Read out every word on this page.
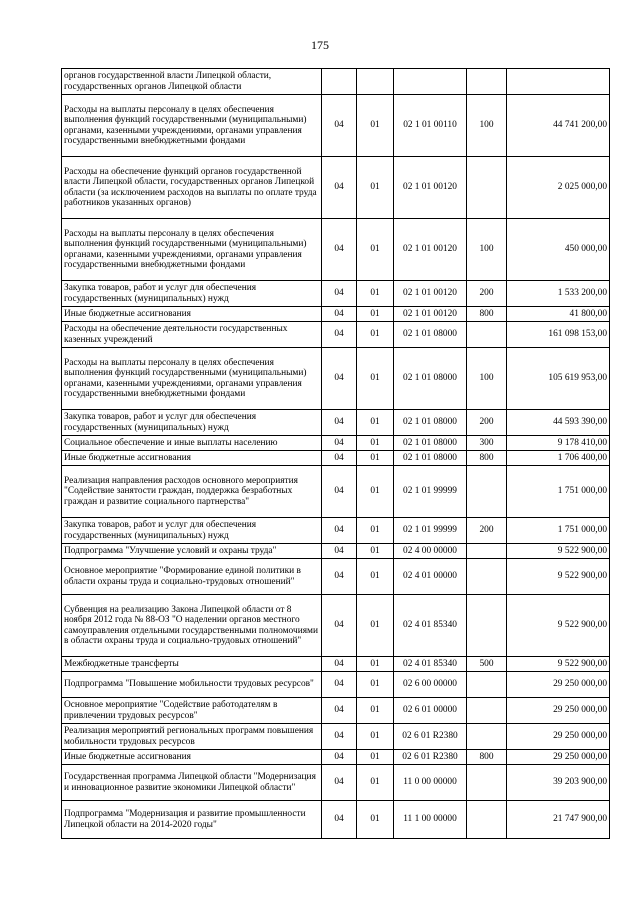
175
органов государственной власти Липецкой области, государственных органов Липецкой области					
Расходы на выплаты персоналу в целях обеспечения выполнения функций государственными (муниципальными) органами, казенными учреждениями, органами управления государственными внебюджетными фондами	04	01	02 1 01 00110	100	44 741 200,00
Расходы на обеспечение функций органов государственной власти Липецкой области, государственных органов Липецкой области (за исключением расходов на выплаты по оплате труда работников указанных органов)	04	01	02 1 01 00120		2 025 000,00
Расходы на выплаты персоналу в целях обеспечения выполнения функций государственными (муниципальными) органами, казенными учреждениями, органами управления государственными внебюджетными фондами	04	01	02 1 01 00120	100	450 000,00
Закупка товаров, работ и услуг для обеспечения государственных (муниципальных) нужд	04	01	02 1 01 00120	200	1 533 200,00
Иные бюджетные ассигнования	04	01	02 1 01 00120	800	41 800,00
Расходы на обеспечение деятельности государственных казенных учреждений	04	01	02 1 01 08000		161 098 153,00
Расходы на выплаты персоналу в целях обеспечения выполнения функций государственными (муниципальными) органами, казенными учреждениями, органами управления государственными внебюджетными фондами	04	01	02 1 01 08000	100	105 619 953,00
Закупка товаров, работ и услуг для обеспечения государственных (муниципальных) нужд	04	01	02 1 01 08000	200	44 593 390,00
Социальное обеспечение и иные выплаты населению	04	01	02 1 01 08000	300	9 178 410,00
Иные бюджетные ассигнования	04	01	02 1 01 08000	800	1 706 400,00
Реализация направления расходов основного мероприятия "Содействие занятости граждан, поддержка безработных граждан и развитие социального партнерства"	04	01	02 1 01 99999		1 751 000,00
Закупка товаров, работ и услуг для обеспечения государственных (муниципальных) нужд	04	01	02 1 01 99999	200	1 751 000,00
Подпрограмма "Улучшение условий и охраны труда"	04	01	02 4 00 00000		9 522 900,00
Основное мероприятие "Формирование единой политики в области охраны труда и социально-трудовых отношений"	04	01	02 4 01 00000		9 522 900,00
Субвенция на реализацию Закона Липецкой области от 8 ноября 2012 года № 88-ОЗ "О наделении органов местного самоуправления отдельными государственными полномочиями в области охраны труда и социально-трудовых отношений"	04	01	02 4 01 85340		9 522 900,00
Межбюджетные трансферты	04	01	02 4 01 85340	500	9 522 900,00
Подпрограмма "Повышение мобильности трудовых ресурсов"	04	01	02 6 00 00000		29 250 000,00
Основное мероприятие "Содействие работодателям в привлечении трудовых ресурсов"	04	01	02 6 01 00000		29 250 000,00
Реализация мероприятий региональных программ повышения мобильности трудовых ресурсов	04	01	02 6 01 R2380		29 250 000,00
Иные бюджетные ассигнования	04	01	02 6 01 R2380	800	29 250 000,00
Государственная программа Липецкой области "Модернизация и инновационное развитие экономики Липецкой области"	04	01	11 0 00 00000		39 203 900,00
Подпрограмма "Модернизация и развитие промышленности Липецкой области на 2014-2020 годы"	04	01	11 1 00 00000		21 747 900,00
